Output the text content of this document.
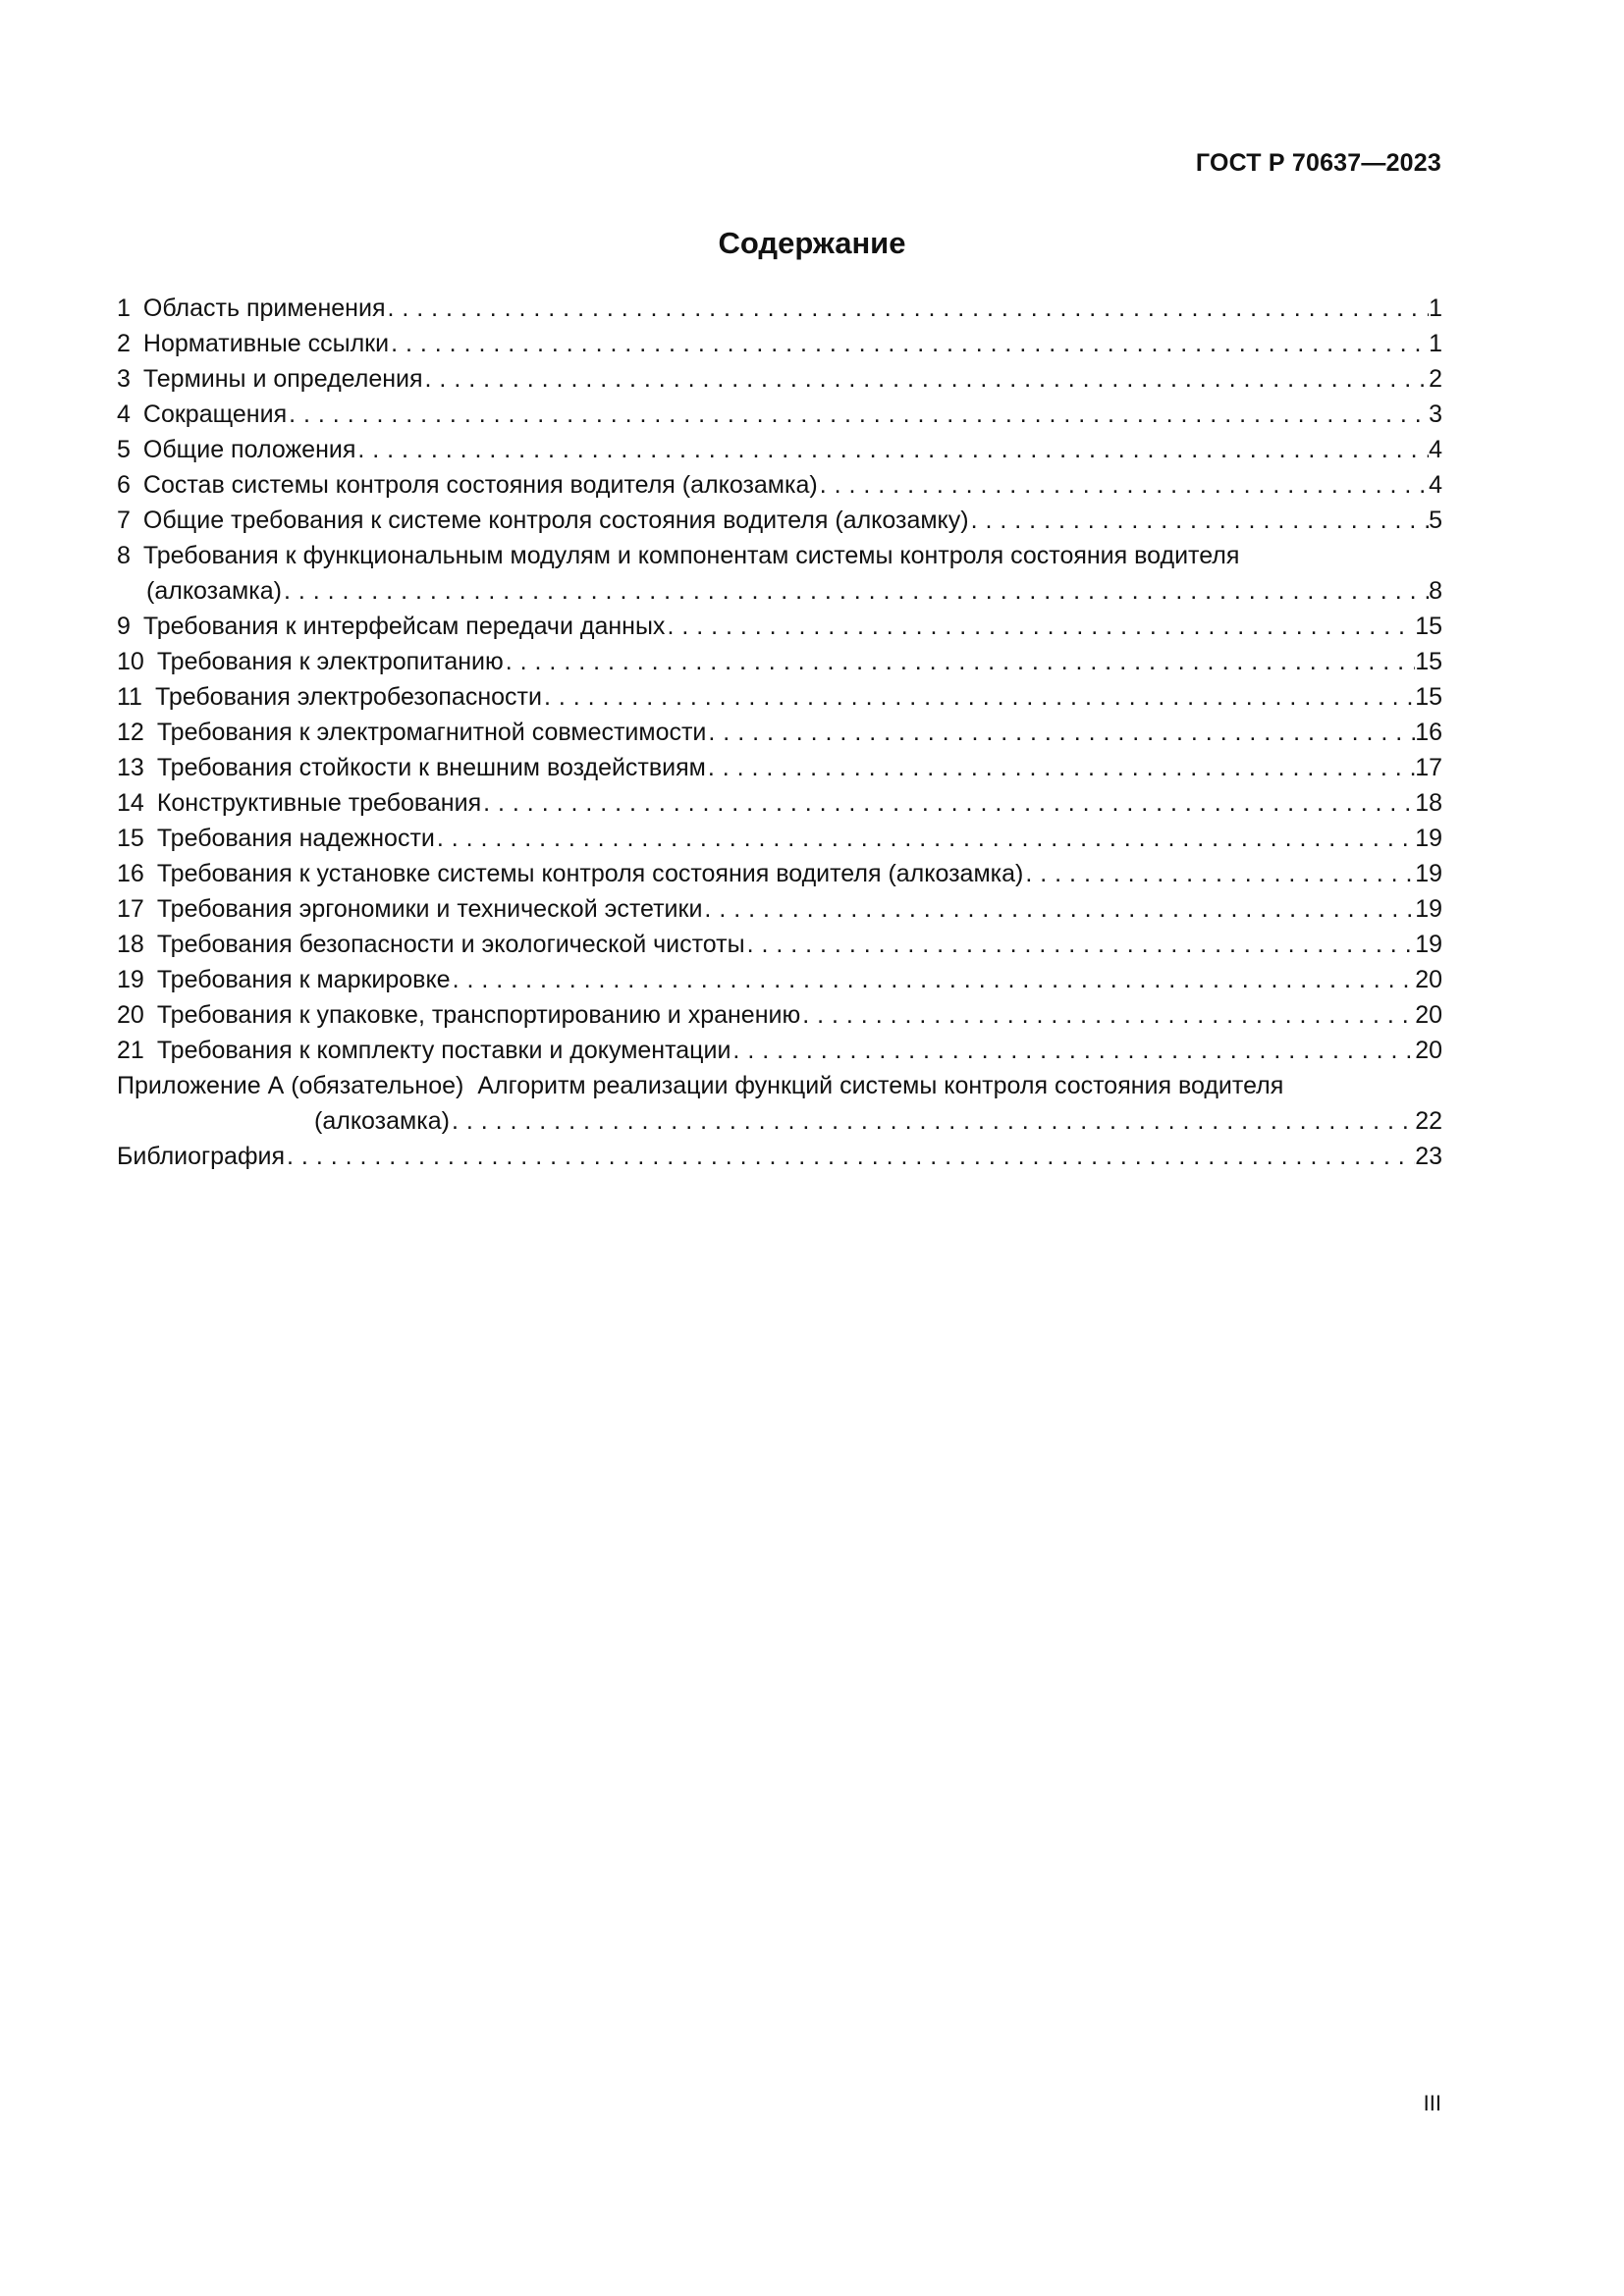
ГОСТ Р 70637—2023
Содержание
1 Область применения . . .	1
2 Нормативные ссылки . . .	1
3 Термины и определения . . .	2
4 Сокращения . . .	3
5 Общие положения . . .	4
6 Состав системы контроля состояния водителя (алкозамка) . . .	4
7 Общие требования к системе контроля состояния водителя (алкозамку) . . .	5
8 Требования к функциональным модулям и компонентам системы контроля состояния водителя
(алкозамка) . . .	8
9 Требования к интерфейсам передачи данных . . .	15
10 Требования к электропитанию . . .	15
11 Требования электробезопасности . . .	15
12 Требования к электромагнитной совместимости . . .	16
13 Требования стойкости к внешним воздействиям . . .	17
14 Конструктивные требования . . .	18
15 Требования надежности . . .	19
16 Требования к установке системы контроля состояния водителя (алкозамка) . . .	19
17 Требования эргономики и технической эстетики . . .	19
18 Требования безопасности и экологической чистоты . . .	19
19 Требования к маркировке . . .	20
20 Требования к упаковке, транспортированию и хранению . . .	20
21 Требования к комплекту поставки и документации . . .	20
Приложение А (обязательное) Алгоритм реализации функций системы контроля состояния водителя
(алкозамка) . . .	22
Библиография . . .	23
III
